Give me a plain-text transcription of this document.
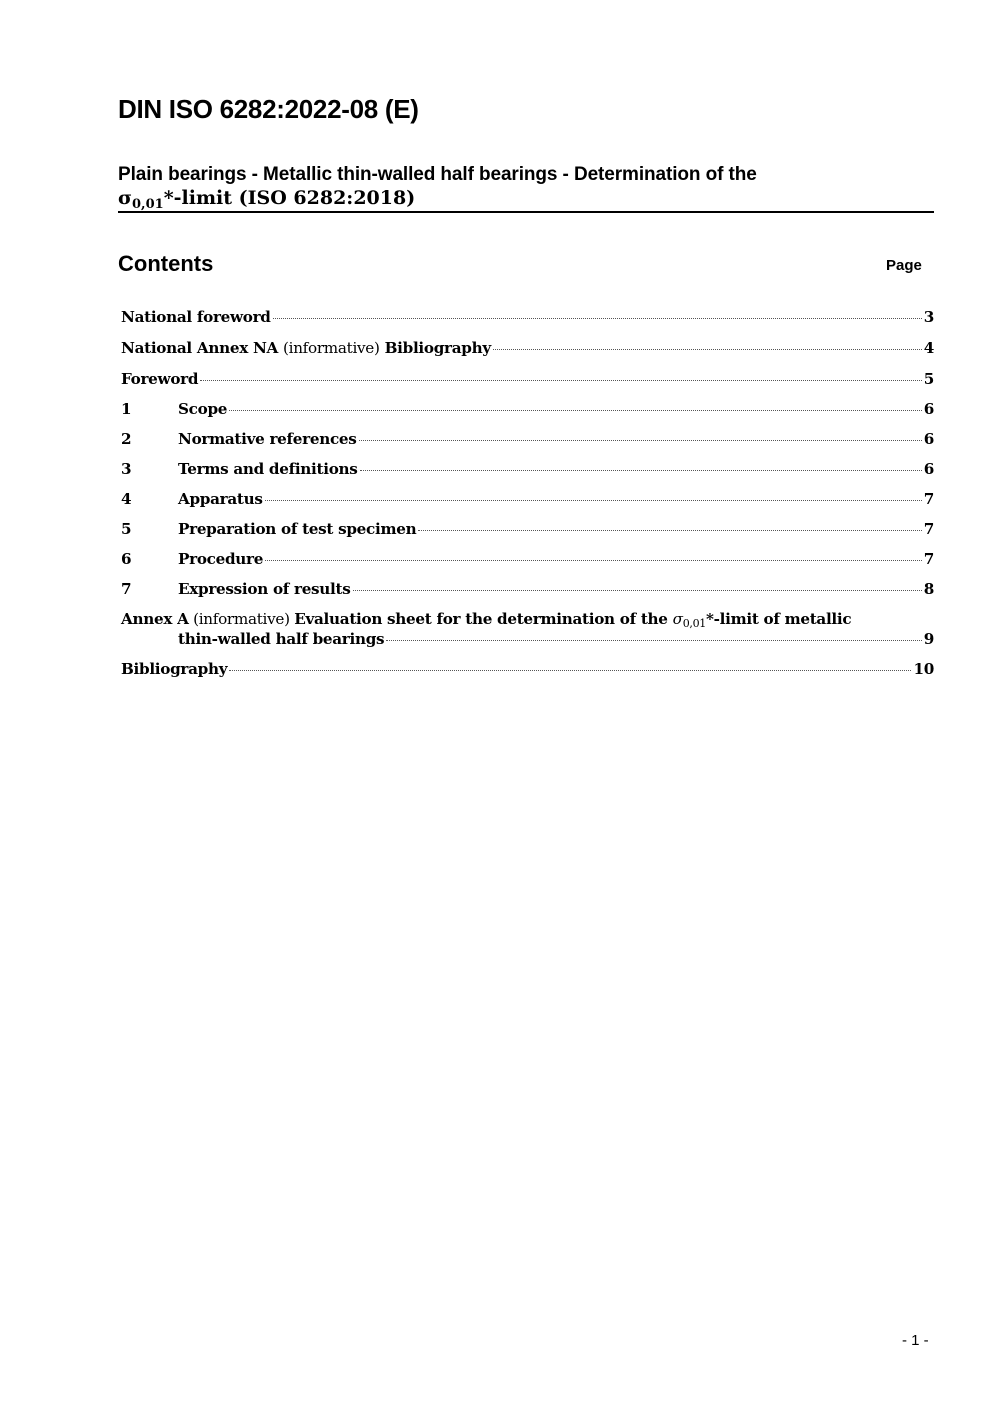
DIN ISO 6282:2022-08 (E)

Plain bearings - Metallic thin-walled half bearings - Determination of the

$\sigma_{0,01}*$-limit (ISO 6282:2018)

Contents	Page
National foreword	3
National Annex NA (informative) Bibliography	4
Foreword	5
1	Scope	6
2	Normative references	6
3	Terms and definitions	6
4	Apparatus	7
5	Preparation of test specimen	7
6	Procedure	7
7	Expression of results	8
Annex A (informative) Evaluation sheet for the determination of the $\sigma_{0,01}*$-limit of metallic
thin-walled half bearings	9
Bibliography	10
- 1 -
